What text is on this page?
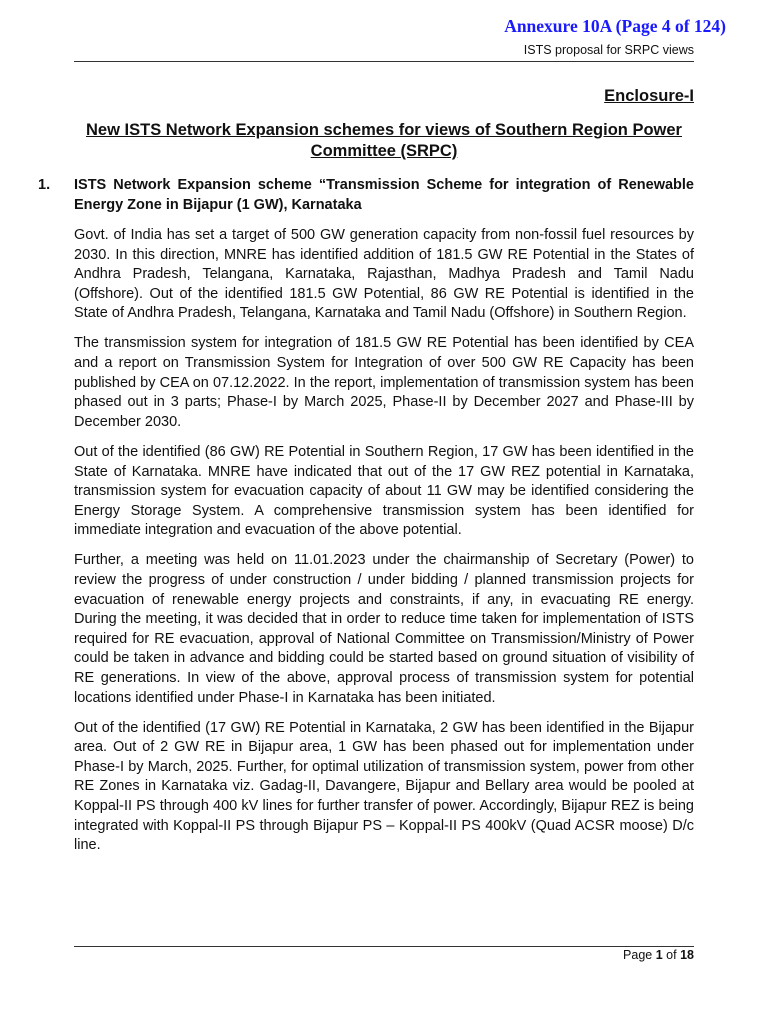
Annexure 10A (Page 4 of 124)
ISTS proposal for SRPC views
Enclosure-I
New ISTS Network Expansion schemes for views of Southern Region Power Committee (SRPC)
1. ISTS Network Expansion scheme “Transmission Scheme for integration of Renewable Energy Zone in Bijapur (1 GW), Karnataka

Govt. of India has set a target of 500 GW generation capacity from non-fossil fuel resources by 2030. In this direction, MNRE has identified addition of 181.5 GW RE Potential in the States of Andhra Pradesh, Telangana, Karnataka, Rajasthan, Madhya Pradesh and Tamil Nadu (Offshore). Out of the identified 181.5 GW Potential, 86 GW RE Potential is identified in the State of Andhra Pradesh, Telangana, Karnataka and Tamil Nadu (Offshore) in Southern Region.

The transmission system for integration of 181.5 GW RE Potential has been identified by CEA and a report on Transmission System for Integration of over 500 GW RE Capacity has been published by CEA on 07.12.2022. In the report, implementation of transmission system has been phased out in 3 parts; Phase-I by March 2025, Phase-II by December 2027 and Phase-III by December 2030.

Out of the identified (86 GW) RE Potential in Southern Region, 17 GW has been identified in the State of Karnataka. MNRE have indicated that out of the 17 GW REZ potential in Karnataka, transmission system for evacuation capacity of about 11 GW may be identified considering the Energy Storage System. A comprehensive transmission system has been identified for immediate integration and evacuation of the above potential.

Further, a meeting was held on 11.01.2023 under the chairmanship of Secretary (Power) to review the progress of under construction / under bidding / planned transmission projects for evacuation of renewable energy projects and constraints, if any, in evacuating RE energy. During the meeting, it was decided that in order to reduce time taken for implementation of ISTS required for RE evacuation, approval of National Committee on Transmission/Ministry of Power could be taken in advance and bidding could be started based on ground situation of visibility of RE generations. In view of the above, approval process of transmission system for potential locations identified under Phase-I in Karnataka has been initiated.

Out of the identified (17 GW) RE Potential in Karnataka, 2 GW has been identified in the Bijapur area. Out of 2 GW RE in Bijapur area, 1 GW has been phased out for implementation under Phase-I by March, 2025. Further, for optimal utilization of transmission system, power from other RE Zones in Karnataka viz. Gadag-II, Davangere, Bijapur and Bellary area would be pooled at Koppal-II PS through 400 kV lines for further transfer of power. Accordingly, Bijapur REZ is being integrated with Koppal-II PS through Bijapur PS – Koppal-II PS 400kV (Quad ACSR moose) D/c line.

Page 1 of 18
